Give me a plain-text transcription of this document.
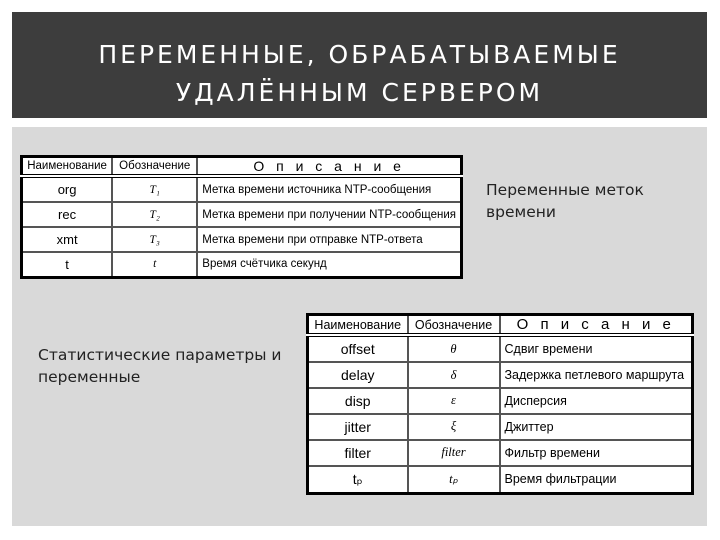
ПЕРЕМЕННЫЕ, ОБРАБАТЫВАЕМЫЕ
УДАЛЁННЫМ СЕРВЕРОМ
Наименование	Обозначение	О п и с а н и е
org	T₁	Метка времени источника NTP-сообщения
rec	T₂	Метка времени при получении NTP-сообщения
xmt	T₃	Метка времени при отправке NTP-ответа
t	t	Время счётчика секунд
Переменные меток времени
Статистические параметры и переменные
Наименование	Обозначение	О п и с а н и е
offset	θ	Сдвиг времени
delay	δ	Задержка петлевого маршрута
disp	ε	Дисперсия
jitter	ξ	Джиттер
filter	filter	Фильтр времени
tₚ	tₚ	Время фильтрации
